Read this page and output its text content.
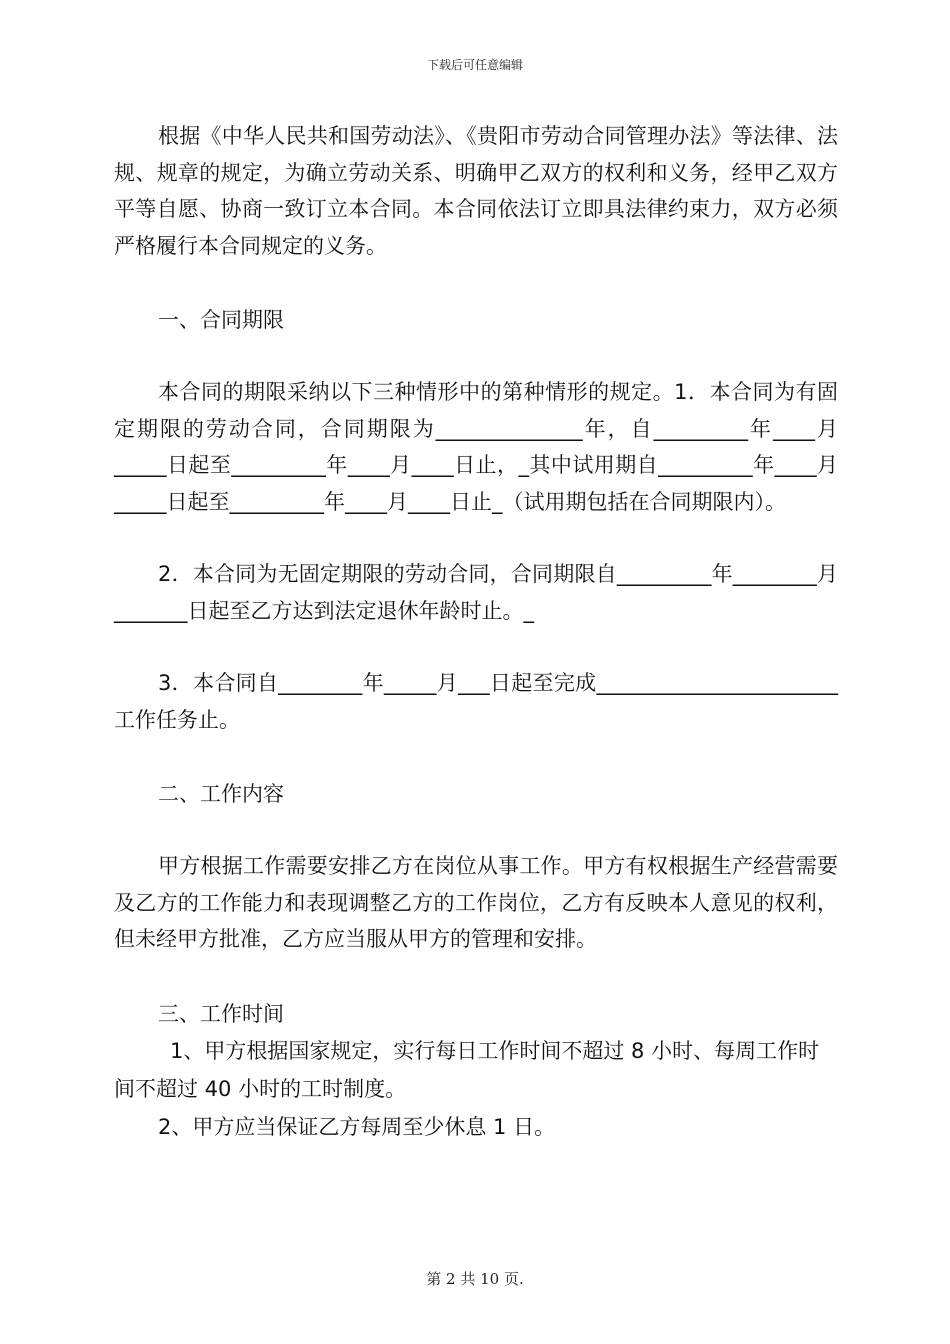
下载后可任意编辑

根据《中华人民共和国劳动法》、《贵阳市劳动合同管理办法》等法律、法规、规章的规定，为确立劳动关系、明确甲乙双方的权利和义务，经甲乙双方平等自愿、协商一致订立本合同。本合同依法订立即具法律约束力，双方必须严格履行本合同规定的义务。

一、合同期限

本合同的期限采纳以下三种情形中的第种情形的规定。1．本合同为有固定期限的劳动合同，合同期限为______________年，自_________年____月_____日起至_________年____月____日止，_其中试用期自_________年____月_____日起至_________年____月____日止_（试用期包括在合同期限内）。

2．本合同为无固定期限的劳动合同，合同期限自_________年________月_______日起至乙方达到法定退休年龄时止。_

3．本合同自________年_____月___日起至完成_______________________工作任务止。

二、工作内容

甲方根据工作需要安排乙方在岗位从事工作。甲方有权根据生产经营需要及乙方的工作能力和表现调整乙方的工作岗位，乙方有反映本人意见的权利，但未经甲方批准，乙方应当服从甲方的管理和安排。

三、工作时间

1、甲方根据国家规定，实行每日工作时间不超过 8 小时、每周工作时间不超过 40 小时的工时制度。

2、甲方应当保证乙方每周至少休息 1 日。

第 2 共 10 页.
